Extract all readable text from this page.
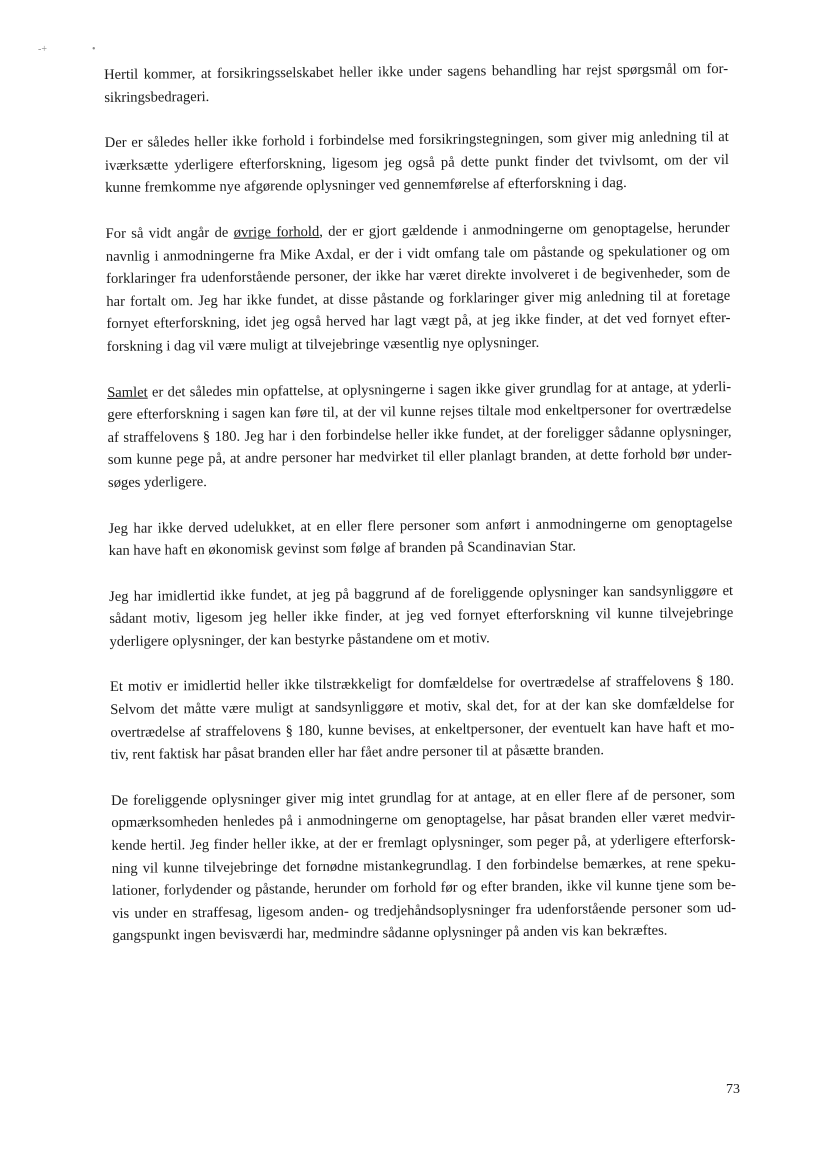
-+	•

Hertil kommer, at forsikringsselskabet heller ikke under sagens behandling har rejst spørgsmål om for-
sikringsbedrageri.

Der er således heller ikke forhold i forbindelse med forsikringstegningen, som giver mig anledning til at
iværksætte yderligere efterforskning, ligesom jeg også på dette punkt finder det tvivlsomt, om der vil
kunne fremkomme nye afgørende oplysninger ved gennemførelse af efterforskning i dag.

For så vidt angår de øvrige forhold, der er gjort gældende i anmodningerne om genoptagelse, herunder
navnlig i anmodningerne fra Mike Axdal, er der i vidt omfang tale om påstande og spekulationer og om
forklaringer fra udenforstående personer, der ikke har været direkte involveret i de begivenheder, som de
har fortalt om. Jeg har ikke fundet, at disse påstande og forklaringer giver mig anledning til at foretage
fornyet efterforskning, idet jeg også herved har lagt vægt på, at jeg ikke finder, at det ved fornyet efter-
forskning i dag vil være muligt at tilvejebringe væsentlig nye oplysninger.

Samlet er det således min opfattelse, at oplysningerne i sagen ikke giver grundlag for at antage, at yderli-
gere efterforskning i sagen kan føre til, at der vil kunne rejses tiltale mod enkeltpersoner for overtrædelse
af straffelovens § 180. Jeg har i den forbindelse heller ikke fundet, at der foreligger sådanne oplysninger,
som kunne pege på, at andre personer har medvirket til eller planlagt branden, at dette forhold bør under-
søges yderligere.

Jeg har ikke derved udelukket, at en eller flere personer som anført i anmodningerne om genoptagelse
kan have haft en økonomisk gevinst som følge af branden på Scandinavian Star.

Jeg har imidlertid ikke fundet, at jeg på baggrund af de foreliggende oplysninger kan sandsynliggøre et
sådant motiv, ligesom jeg heller ikke finder, at jeg ved fornyet efterforskning vil kunne tilvejebringe
yderligere oplysninger, der kan bestyrke påstandene om et motiv.

Et motiv er imidlertid heller ikke tilstrækkeligt for domfældelse for overtrædelse af straffelovens § 180.
Selvom det måtte være muligt at sandsynliggøre et motiv, skal det, for at der kan ske domfældelse for
overtrædelse af straffelovens § 180, kunne bevises, at enkeltpersoner, der eventuelt kan have haft et mo-
tiv, rent faktisk har påsat branden eller har fået andre personer til at påsætte branden.

De foreliggende oplysninger giver mig intet grundlag for at antage, at en eller flere af de personer, som
opmærksomheden henledes på i anmodningerne om genoptagelse, har påsat branden eller været medvir-
kende hertil. Jeg finder heller ikke, at der er fremlagt oplysninger, som peger på, at yderligere efterforsk-
ning vil kunne tilvejebringe det fornødne mistankegrundlag. I den forbindelse bemærkes, at rene speku-
lationer, forlydender og påstande, herunder om forhold før og efter branden, ikke vil kunne tjene som be-
vis under en straffesag, ligesom anden- og tredjehåndsoplysninger fra udenforstående personer som ud-
gangspunkt ingen bevisværdi har, medmindre sådanne oplysninger på anden vis kan bekræftes.

73
